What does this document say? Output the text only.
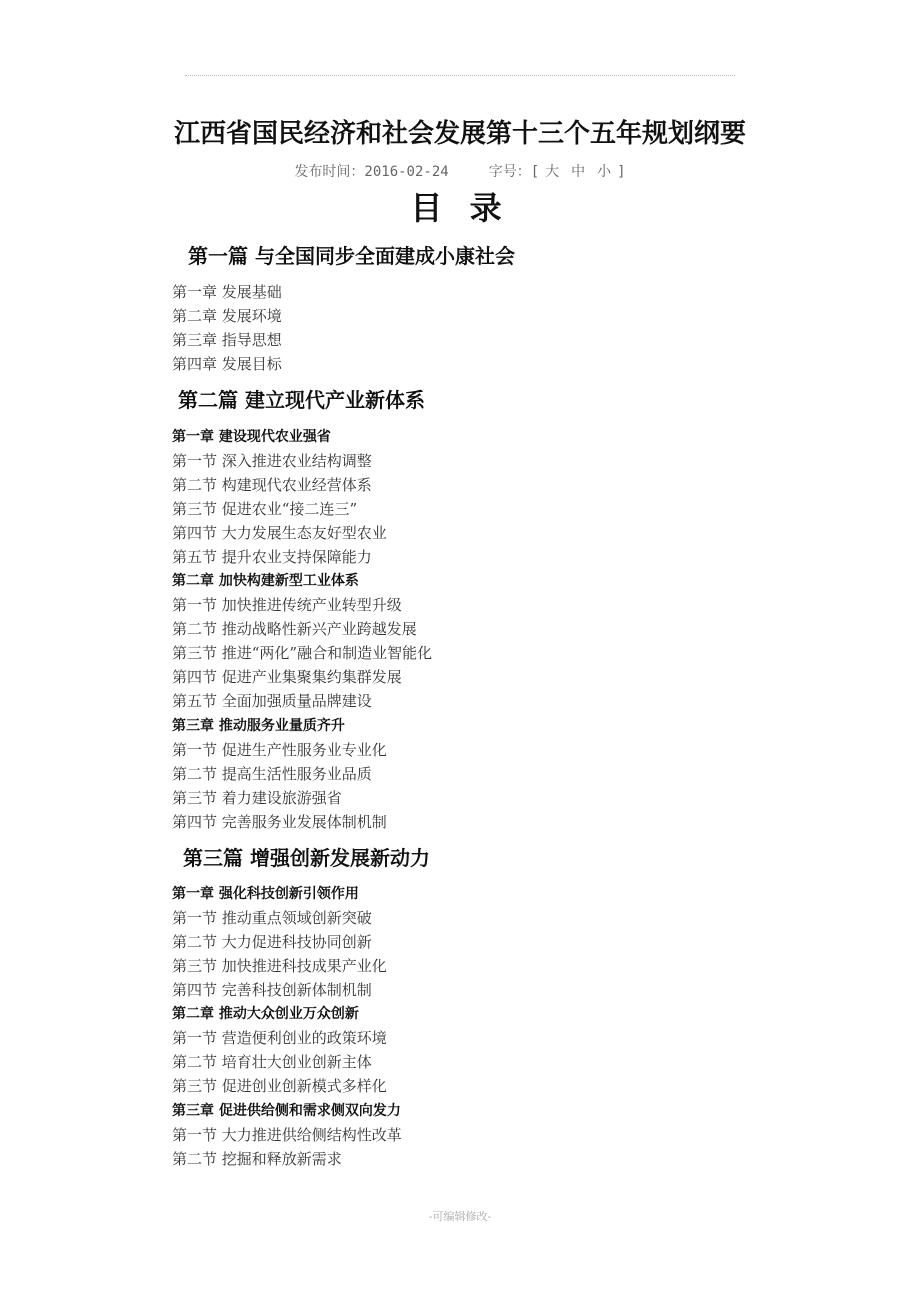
江西省国民经济和社会发展第十三个五年规划纲要
发布时间：2016-02-24	字号：[ 大 中 小 ]
目 录
第一篇 与全国同步全面建成小康社会
第一章 发展基础
第二章 发展环境
第三章 指导思想
第四章 发展目标
第二篇 建立现代产业新体系
第一章 建设现代农业强省
第一节 深入推进农业结构调整
第二节 构建现代农业经营体系
第三节 促进农业“接二连三”
第四节 大力发展生态友好型农业
第五节 提升农业支持保障能力
第二章 加快构建新型工业体系
第一节 加快推进传统产业转型升级
第二节 推动战略性新兴产业跨越发展
第三节 推进“两化”融合和制造业智能化
第四节 促进产业集聚集约集群发展
第五节 全面加强质量品牌建设
第三章 推动服务业量质齐升
第一节 促进生产性服务业专业化
第二节 提高生活性服务业品质
第三节 着力建设旅游强省
第四节 完善服务业发展体制机制
第三篇 增强创新发展新动力
第一章 强化科技创新引领作用
第一节 推动重点领域创新突破
第二节 大力促进科技协同创新
第三节 加快推进科技成果产业化
第四节 完善科技创新体制机制
第二章 推动大众创业万众创新
第一节 营造便利创业的政策环境
第二节 培育壮大创业创新主体
第三节 促进创业创新模式多样化
第三章 促进供给侧和需求侧双向发力
第一节 大力推进供给侧结构性改革
第二节 挖掘和释放新需求
-可编辑修改-
